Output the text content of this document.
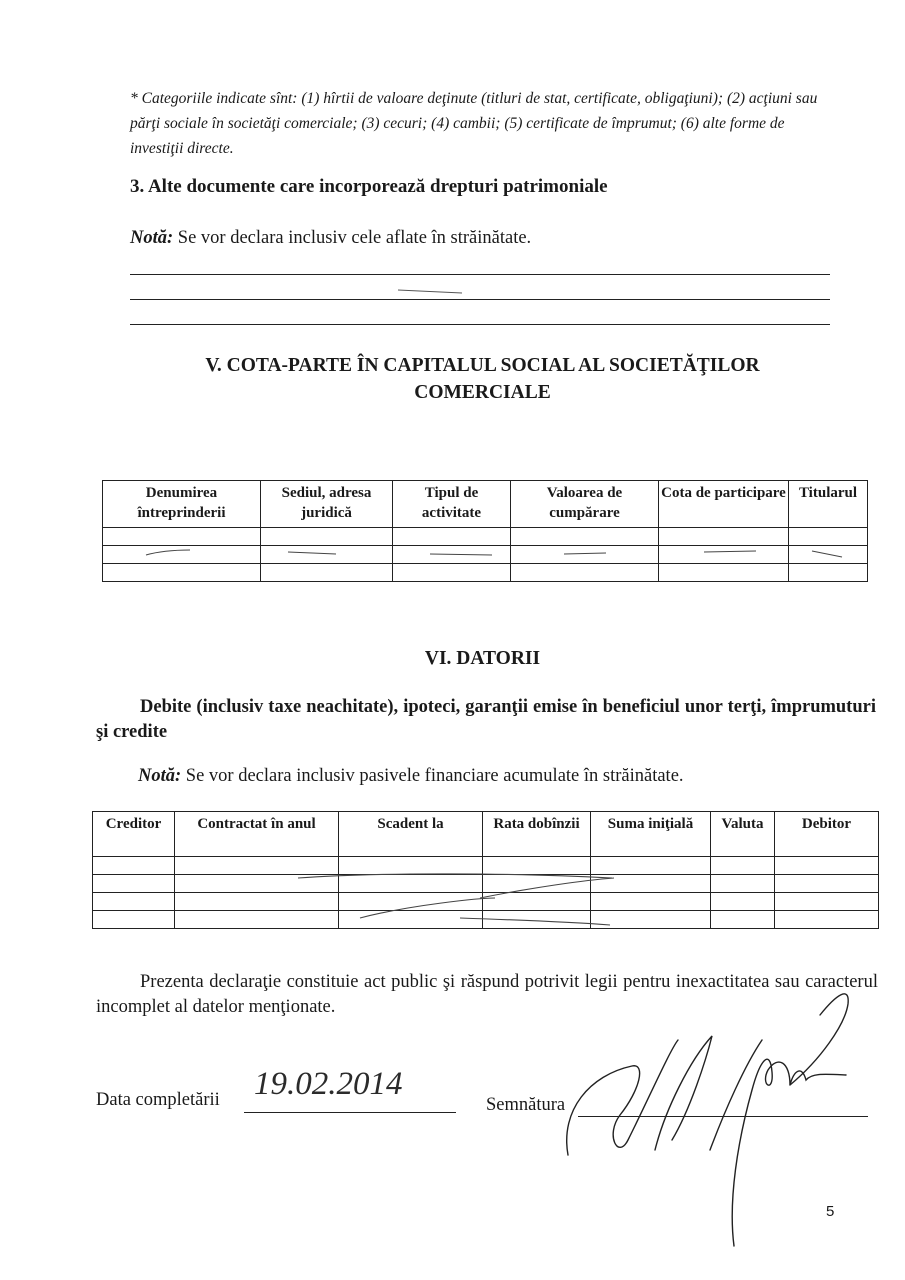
* Categoriile indicate sînt: (1) hîrtii de valoare deţinute (titluri de stat, certificate, obligaţiuni); (2) acţiuni sau părţi sociale în societăţi comerciale; (3) cecuri; (4) cambii; (5) certificate de împrumut; (6) alte forme de investiţii directe.
3. Alte documente care incorporează drepturi patrimoniale
Notă: Se vor declara inclusiv cele aflate în străinătate.
V. COTA-PARTE ÎN CAPITALUL SOCIAL AL SOCIETĂŢILOR
COMERCIALE
Denumirea întreprinderii	Sediul, adresa juridică	Tipul de activitate	Valoarea de cumpărare	Cota de participare	Titularul

VI. DATORII
Debite (inclusiv taxe neachitate), ipoteci, garanţii emise în beneficiul unor terţi, împrumuturi şi credite
Notă: Se vor declara inclusiv pasivele financiare acumulate în străinătate.
Creditor	Contractat în anul	Scadent la	Rata dobînzii	Suma iniţială	Valuta	Debitor

Prezenta declaraţie constituie act public şi răspund potrivit legii pentru inexactitatea sau caracterul incomplet al datelor menţionate.
Data completării 19.02.2014
Semnătura
5
